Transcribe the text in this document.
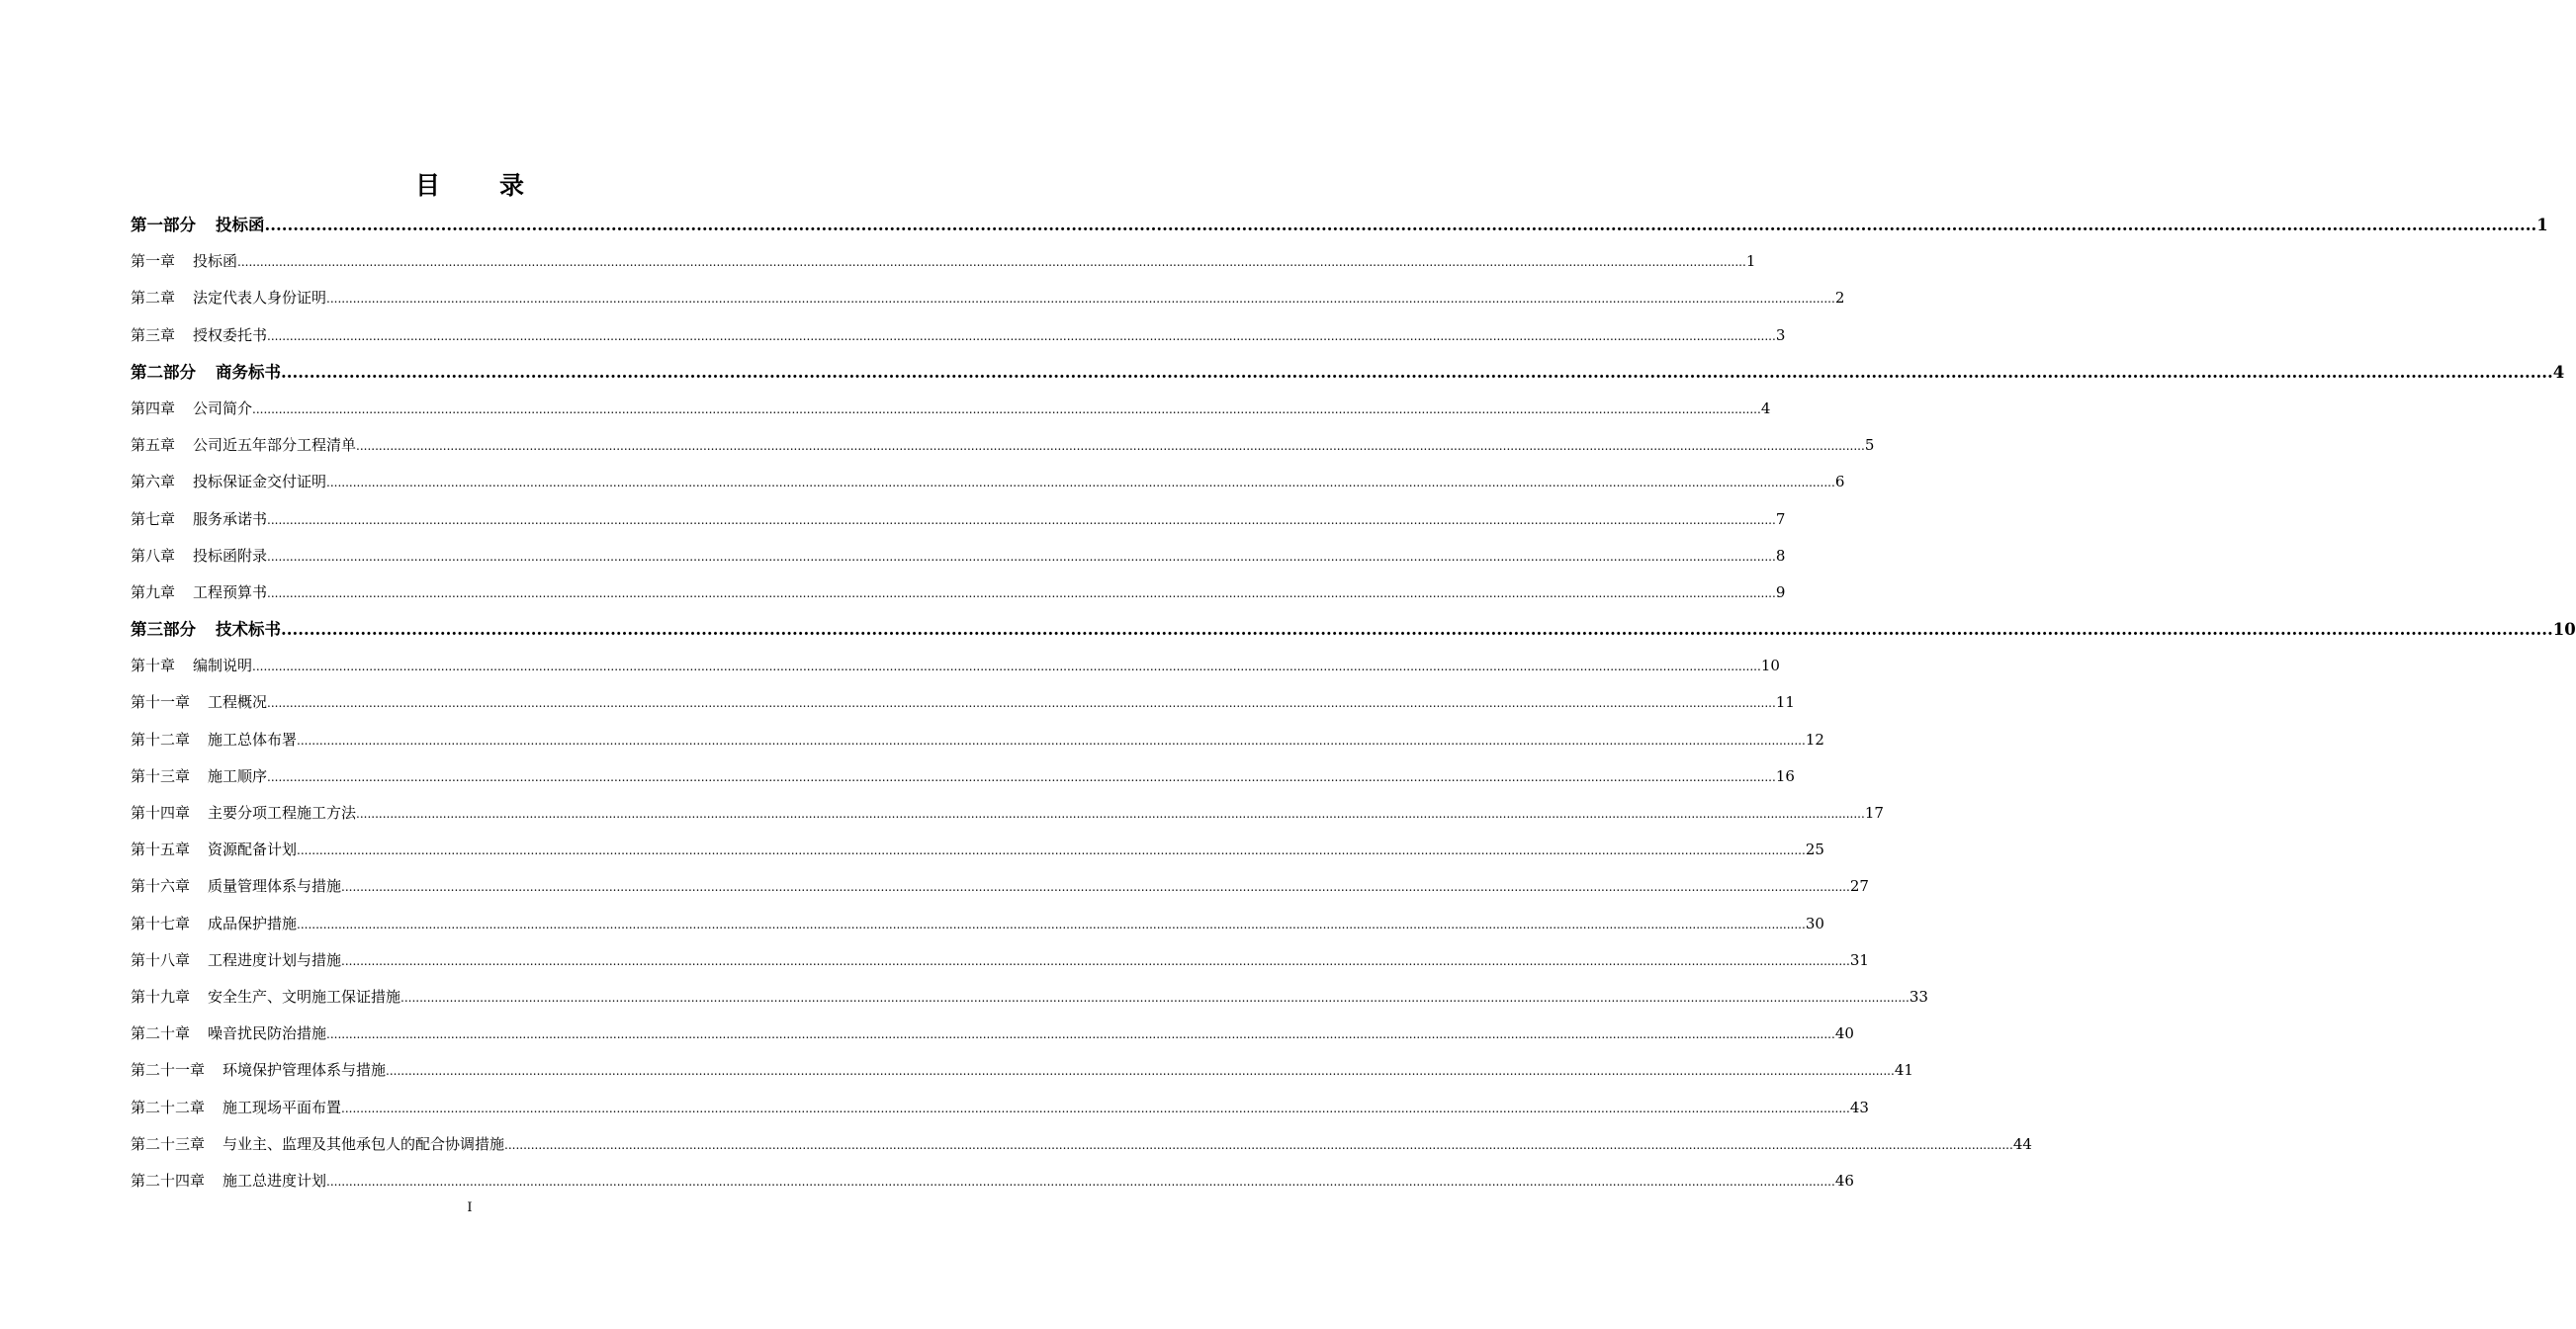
目 录
第一部分 投标函 ................................................................................................................................................................................................................................................................................................................................................................................................................ 1
第一章 投标函 ................................................................................................................................................................................................................................................................................................................................................................................................................ 1
第二章 法定代表人身份证明 ................................................................................................................................................................................................................................................................................................................................................................................................................ 2
第三章 授权委托书 ................................................................................................................................................................................................................................................................................................................................................................................................................ 3
第二部分 商务标书 ................................................................................................................................................................................................................................................................................................................................................................................................................ 4
第四章 公司简介 ................................................................................................................................................................................................................................................................................................................................................................................................................ 4
第五章 公司近五年部分工程清单 ................................................................................................................................................................................................................................................................................................................................................................................................................ 5
第六章 投标保证金交付证明 ................................................................................................................................................................................................................................................................................................................................................................................................................ 6
第七章 服务承诺书 ................................................................................................................................................................................................................................................................................................................................................................................................................ 7
第八章 投标函附录 ................................................................................................................................................................................................................................................................................................................................................................................................................ 8
第九章 工程预算书 ................................................................................................................................................................................................................................................................................................................................................................................................................ 9
第三部分 技术标书 ................................................................................................................................................................................................................................................................................................................................................................................................................ 10
第十章 编制说明 ................................................................................................................................................................................................................................................................................................................................................................................................................ 10
第十一章 工程概况 ................................................................................................................................................................................................................................................................................................................................................................................................................ 11
第十二章 施工总体布署 ................................................................................................................................................................................................................................................................................................................................................................................................................ 12
第十三章 施工顺序 ................................................................................................................................................................................................................................................................................................................................................................................................................ 16
第十四章 主要分项工程施工方法 ................................................................................................................................................................................................................................................................................................................................................................................................................ 17
第十五章 资源配备计划 ................................................................................................................................................................................................................................................................................................................................................................................................................ 25
第十六章 质量管理体系与措施 ................................................................................................................................................................................................................................................................................................................................................................................................................ 27
第十七章 成品保护措施 ................................................................................................................................................................................................................................................................................................................................................................................................................ 30
第十八章 工程进度计划与措施 ................................................................................................................................................................................................................................................................................................................................................................................................................ 31
第十九章 安全生产、文明施工保证措施 ................................................................................................................................................................................................................................................................................................................................................................................................................ 33
第二十章 噪音扰民防治措施 ................................................................................................................................................................................................................................................................................................................................................................................................................ 40
第二十一章 环境保护管理体系与措施 ................................................................................................................................................................................................................................................................................................................................................................................................................ 41
第二十二章 施工现场平面布置 ................................................................................................................................................................................................................................................................................................................................................................................................................ 43
第二十三章 与业主、监理及其他承包人的配合协调措施 ................................................................................................................................................................................................................................................................................................................................................................................................................ 44
第二十四章 施工总进度计划 ................................................................................................................................................................................................................................................................................................................................................................................................................ 46
I
